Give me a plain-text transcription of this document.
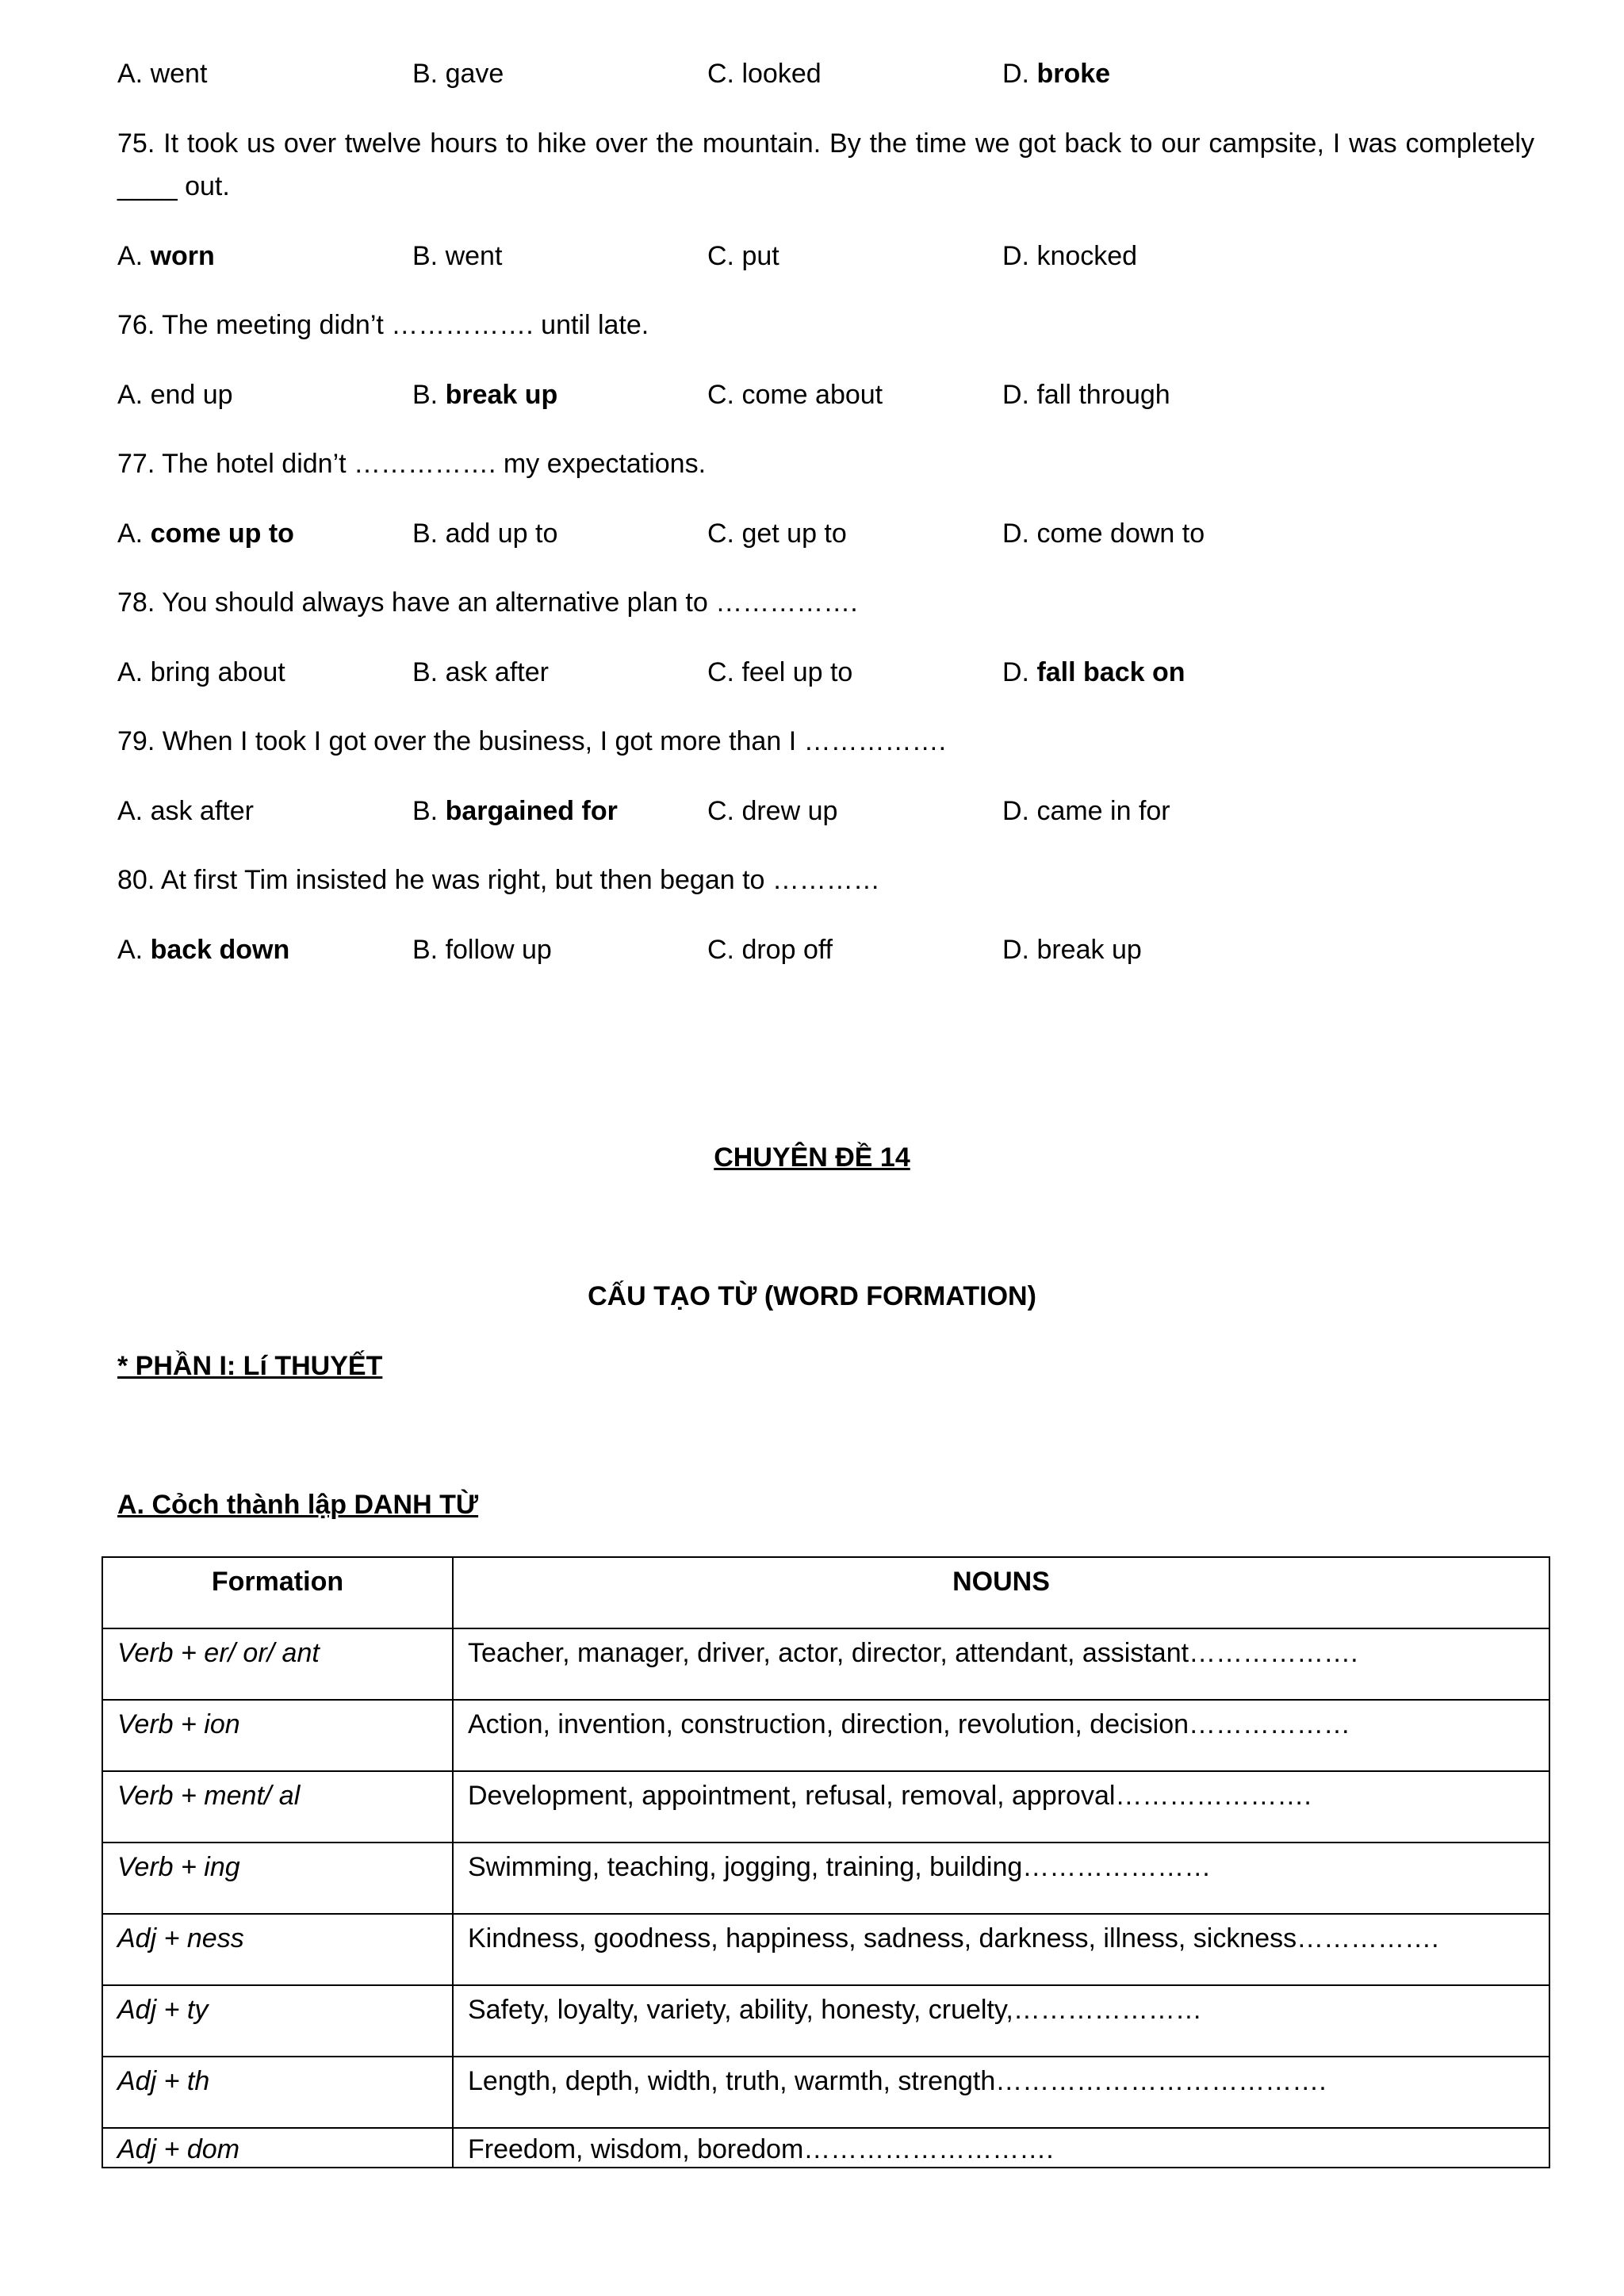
A. went	B. gave	C. looked	D. broke
75. It took us over twelve hours to hike over the mountain. By the time we got back to our campsite, I was completely ____ out.
A. worn	B. went	C. put	D. knocked
76. The meeting didn’t ……………. until late.
A. end up	B. break up	C. come about	D. fall through
77. The hotel didn’t ……………. my expectations.
A. come up to	B. add up to	C. get up to	D. come down to
78. You should always have an alternative plan to …………….
A. bring about	B. ask after	C. feel up to	D. fall back on
79. When I took I got over the business, I got more than I …………….
A. ask after	B. bargained for	C. drew up	D. came in for
80. At first Tim insisted he was right, but then began to …………
A. back down	B. follow up	C. drop off	D. break up
CHUYÊN ĐỀ 14
CẤU TẠO TỪ (WORD FORMATION)
* PHẦN I: Lí THUYẾT
A. Cỏch thành lập DANH TỪ
Formation	NOUNS
Verb + er/ or/ ant	Teacher, manager, driver, actor, director, attendant, assistant……………….
Verb + ion	Action, invention, construction, direction, revolution, decision………………
Verb + ment/ al	Development, appointment, refusal, removal, approval………………….
Verb + ing	Swimming, teaching, jogging, training, building…………………
Adj + ness	Kindness, goodness, happiness, sadness, darkness, illness, sickness…………….
Adj + ty	Safety, loyalty, variety, ability, honesty, cruelty,…………………
Adj + th	Length, depth, width, truth, warmth, strength……………………………….
Adj + dom	Freedom, wisdom, boredom……………………….
